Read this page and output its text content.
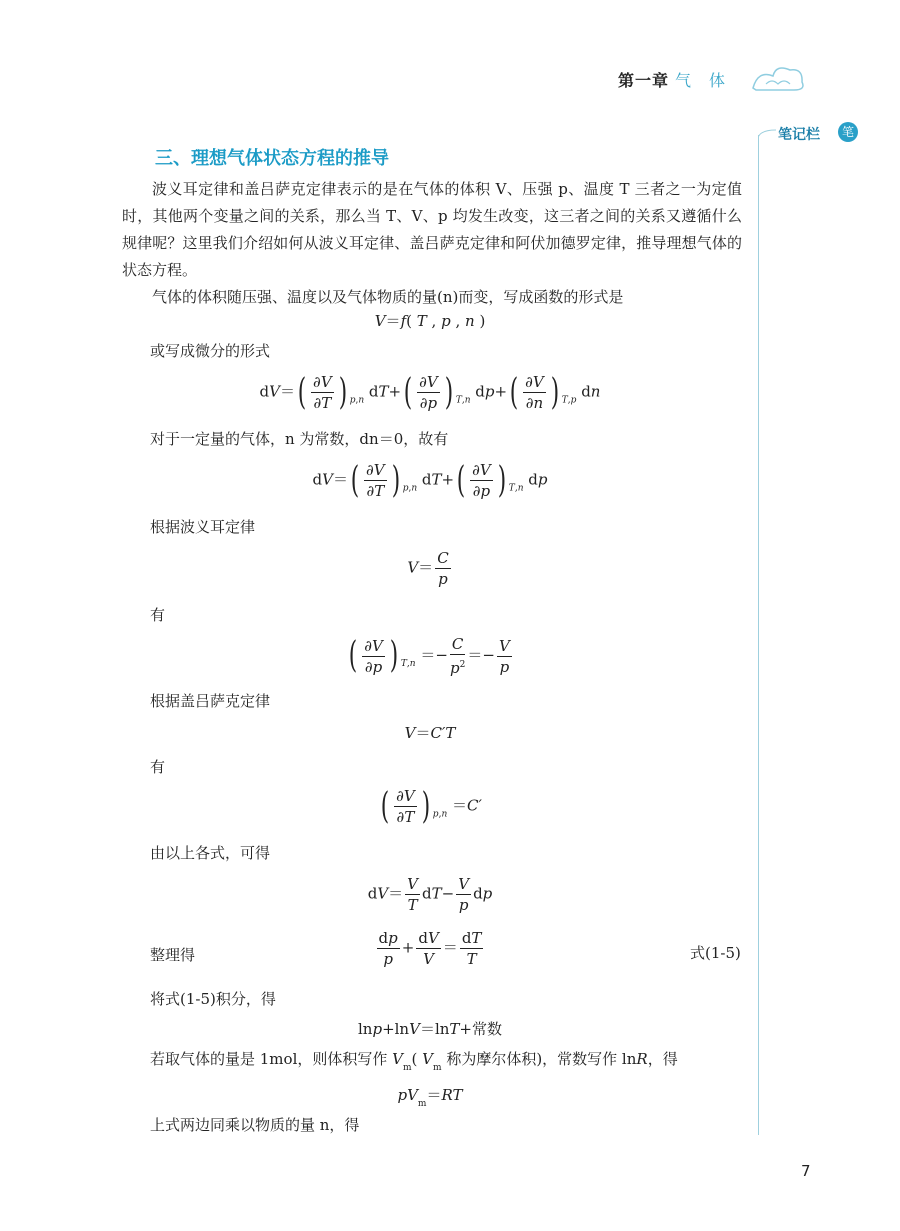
第一章 气　体
笔记栏	笔
三、理想气体状态方程的推导
波义耳定律和盖吕萨克定律表示的是在气体的体积 V、压强 p、温度 T 三者之一为定值时，其他两个变量之间的关系，那么当 T、V、p 均发生改变，这三者之间的关系又遵循什么规律呢？这里我们介绍如何从波义耳定律、盖吕萨克定律和阿伏加德罗定律，推导理想气体的状态方程。
气体的体积随压强、温度以及气体物质的量(n)而变，写成函数的形式是
V＝f( T , p , n )
或写成微分的形式
$dV=( \frac{\partial V}{\partial T}$ ) $_{p,n}$ $dT+( \frac{\partial V}{\partial p}$ ) $_{T,n}$ $dp+( \frac{\partial V}{\partial n}$ ) $_{T,p}$ dn
对于一定量的气体，n 为常数，dn＝0，故有
$dV=( \frac{\partial V}{\partial T}$ ) $_{p,n}$ $dT+( \frac{\partial V}{\partial p}$ ) $_{T,n}$ dp
根据波义耳定律
$V= \frac{C}{p}$
有
( $\frac{\partial V}{\partial p}$ ) $_{T,n} =- \frac{C}{p^2} =- \frac{V}{p}$
根据盖吕萨克定律
V＝C′T
有
( $\frac{\partial V}{\partial T}$ ) $_{p,n}$ ＝C′
由以上各式，可得
$dV= \frac{V}{T} dT- \frac{V}{p}$ dp
整理得	$\frac{dp}{p} + \frac{dV}{V} = \frac{dT}{T}$	式(1-5)
将式(1-5)积分，得
lnp+lnV＝lnT+常数
若取气体的量是 1mol，则体积写作 $V_m$( $V_m$ 称为摩尔体积)，常数写作 lnR，得
$pV_m=RT$
上式两边同乘以物质的量 n，得
7
